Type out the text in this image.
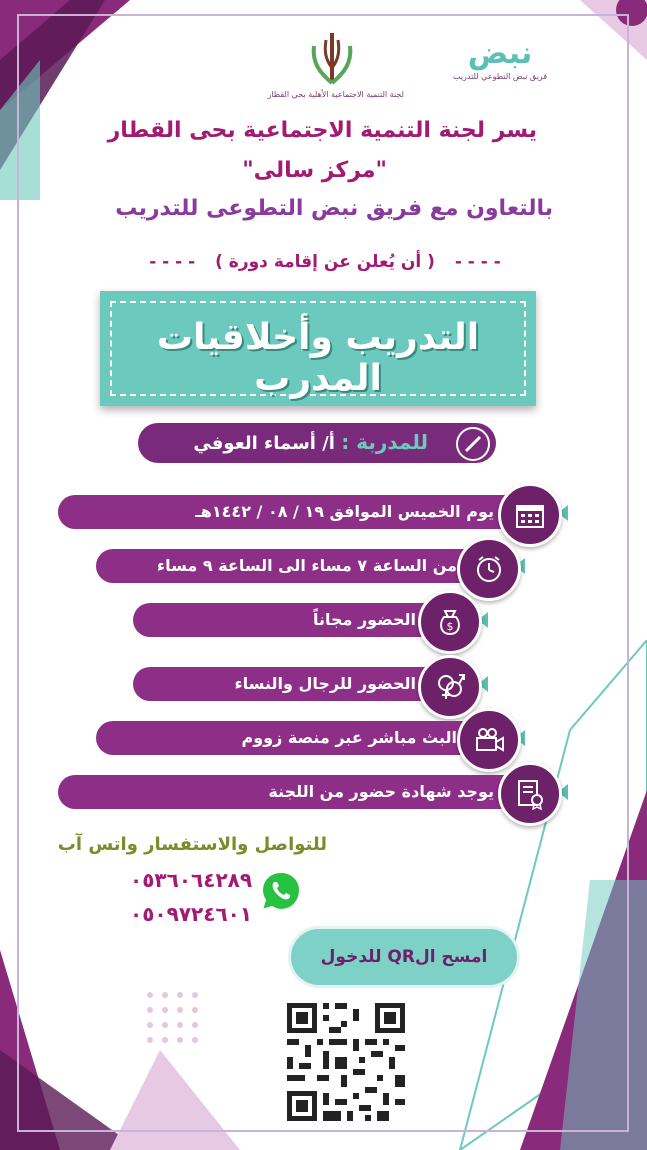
لجنة التنمية الاجتماعية الأهلية بحي القطار
نبض
فريق نبض التطوعي للتدريب
يسر لجنة التنمية الاجتماعية بحى القطار
"مركز سالى"
بالتعاون مع فريق نبض التطوعى للتدريب
- - - - ( أن يُعلن عن إقامة دورة ) - - - -
التدريب وأخلاقيات المدرب
للمدربة : أ/ أسماء العوفي
يوم الخميس الموافق ١٩ / ٠٨ / ١٤٤٢هـ
من الساعة ٧ مساء الى الساعة ٩ مساء
الحضور مجاناً	$
الحضور للرجال والنساء
البث مباشر عبر منصة زووم
يوجد شهادة حضور من اللجنة
للتواصل والاستفسار واتس آب
٠٥٣٦٠٦٤٢٨٩
٠٥٠٩٧٢٤٦٠١
امسح الQR للدخول
